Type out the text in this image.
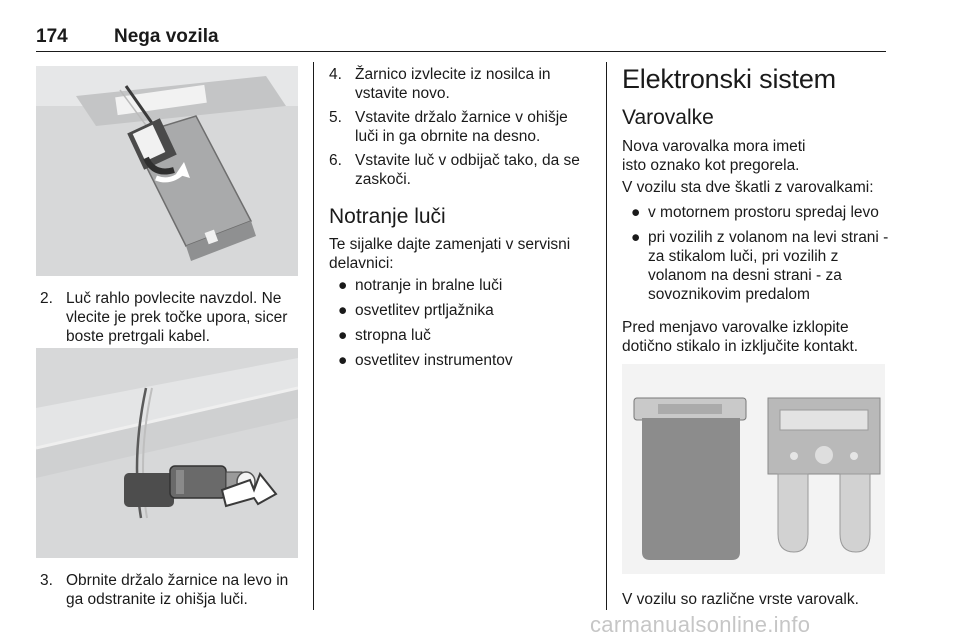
174 Nega vozila
2. Luč rahlo povlecite navzdol. Ne vlecite je prek točke upora, sicer boste pretrgali kabel.
3. Obrnite držalo žarnice na levo in ga odstranite iz ohišja luči.
4. Žarnico izvlecite iz nosilca in vstavite novo.
5. Vstavite držalo žarnice v ohišje luči in ga obrnite na desno.
6. Vstavite luč v odbijač tako, da se zaskoči.
Notranje luči
Te sijalke dajte zamenjati v servisni delavnici:
● notranje in bralne luči
● osvetlitev prtljažnika
● stropna luč
● osvetlitev instrumentov
Elektronski sistem
Varovalke
Nova varovalka mora imeti isto oznako kot pregorela.
V vozilu sta dve škatli z varovalkami:
● v motornem prostoru spredaj levo
● pri vozilih z volanom na levi strani - za stikalom luči, pri vozilih z volanom na desni strani - za sovoznikovim predalom
Pred menjavo varovalke izklopite dotično stikalo in izključite kontakt.
V vozilu so različne vrste varovalk.
carmanualsonline.info
